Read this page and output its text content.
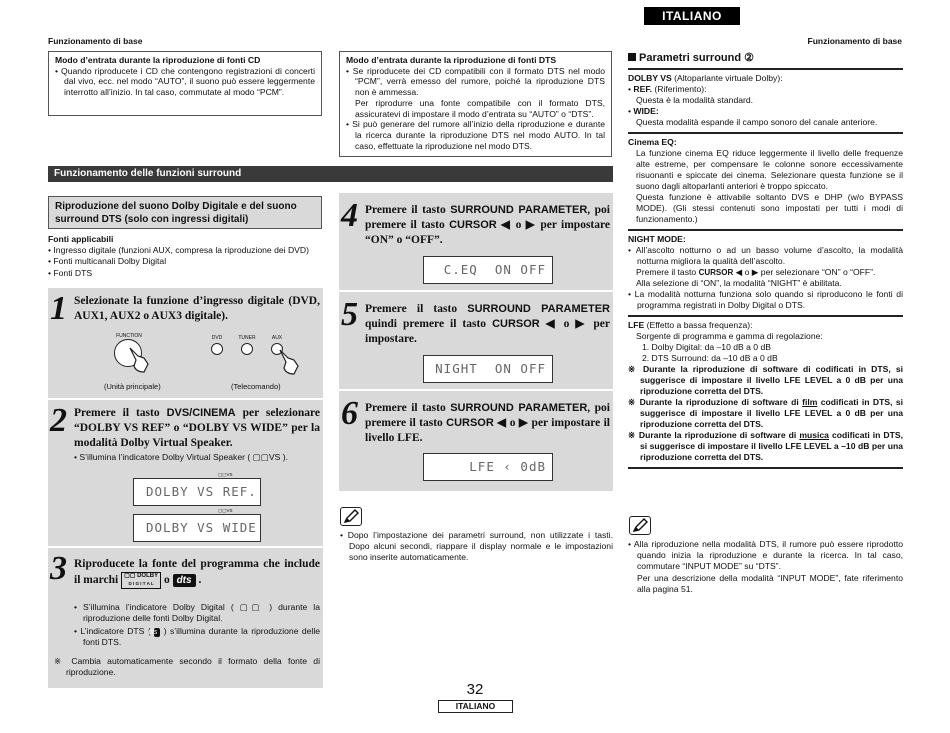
Funzionamento di base	Funzionamento di base
ITALIANO
Modo d’entrata durante la riproduzione di fonti CD

• Quando riproducete i CD che contengono registrazioni di concerti dal vivo, ecc. nel modo “AUTO”, il suono può essere leggermente interrotto all’inizio. In tal caso, commutate al modo “PCM”.

Modo d’entrata durante la riproduzione di fonti DTS

• Se riproducete dei CD compatibili con il formato DTS nel modo “PCM”, verrà emesso del rumore, poiché la riproduzione DTS non è ammessa.

Per riprodurre una fonte compatibile con il formato DTS, assicuratevi di impostare il modo d’entrata su “AUTO” o “DTS”.

• Si può generare del rumore all’inizio della riproduzione e durante la ricerca durante la riproduzione DTS nel modo AUTO. In tal caso, effettuate la riproduzione nel modo DTS.

Funzionamento delle funzioni surround
Riproduzione del suono Dolby Digitale e del suono surround DTS (solo con ingressi digitali)
Fonti applicabili
• Ingresso digitale (funzioni AUX, compresa la riproduzione dei DVD)
• Fonti multicanali Dolby Digital
• Fonti DTS
1 Selezionate la funzione d’ingresso digitale (DVD, AUX1, AUX2 o AUX3 digitale).
FUNCTION	DVD	TUNER	AUX
(Unità principale)	(Telecomando)
2 Premere il tasto DVS/CINEMA per selezionare “DOLBY VS REF” o “DOLBY VS WIDE” per la modalità Dolby Virtual Speaker.
• S’illumina l’indicatore Dolby Virtual Speaker ( ▢▢VS ).
▢▢VS
DOLBY VS REF.
▢▢VS
DOLBY VS WIDE
3 Riproducete la fonte del programma che include il marchi ▢▢ DOLBY
D I G I T A L o dts .
• S’illumina l’indicatore Dolby Digital ( ▢▢ ) durante la riproduzione delle fonti Dolby Digital.
• L’indicatore DTS ( dts ) s’illumina durante la riproduzione delle fonti DTS.
※ Cambia automaticamente secondo il formato della fonte di riproduzione.
4 Premere il tasto SURROUND PARAMETER, poi premere il tasto CURSOR ◀ o ▶ per impostare “ON” o “OFF”.
C.EQ  ON OFF
5 Premere il tasto SURROUND PARAMETER quindi premere il tasto CURSOR ◀ o ▶ per impostare.
NIGHT  ON OFF
6 Premere il tasto SURROUND PARAMETER, poi premere il tasto CURSOR ◀ o ▶ per impostare il livello LFE.
LFE ‹ 0dB
• Dopo l’impostazione dei parametri surround, non utilizzate i tasti. Dopo alcuni secondi, riappare il display normale e le impostazioni sono inserite automaticamente.
Parametri surround ②
DOLBY VS (Altoparlante virtuale Dolby):
• REF. (Riferimento):
Questa è la modalità standard.
• WIDE:
Questa modalità espande il campo sonoro del canale anteriore.
Cinema EQ:
La funzione cinema EQ riduce leggermente il livello delle frequenze alte estreme, per compensare le colonne sonore eccessivamente risuonanti e spiccate dei cinema. Selezionare questa funzione se il suono dagli altoparlanti anteriori è troppo spiccato.
Questa funzione è attivabile soltanto DVS e DHP (w/o BYPASS MODE). (Gli stessi contenuti sono impostati per tutti i modi di funzionamento.)
NIGHT MODE:
• All’ascolto notturno o ad un basso volume d’ascolto, la modalità notturna migliora la qualità dell’ascolto.
Premere il tasto CURSOR ◀ o ▶ per selezionare “ON” o “OFF”.
Alla selezione di “ON”, la modalità “NIGHT” è abilitata.
• La modalità notturna funziona solo quando si riproducono le fonti di programma registrati in Dolby Digital o DTS.
LFE (Effetto a bassa frequenza):
Sorgente di programma e gamma di regolazione:
1. Dolby Digital: da –10 dB a 0 dB
2. DTS Surround: da –10 dB a 0 dB
※ Durante la riproduzione di software di codificati in DTS, si suggerisce di impostare il livello LFE LEVEL a 0 dB per una riproduzione corretta del DTS.
※ Durante la riproduzione di software di film codificati in DTS, si suggerisce di impostare il livello LFE LEVEL a 0 dB per una riproduzione corretta del DTS.
※ Durante la riproduzione di software di musica codificati in DTS, si suggerisce di impostare il livello LFE LEVEL a –10 dB per una riproduzione corretta del DTS.
• Alla riproduzione nella modalità DTS, il rumore può essere riprodotto quando inizia la riproduzione e durante la ricerca. In tal caso, commutare “INPUT MODE” su “DTS”.
Per una descrizione della modalità “INPUT MODE”, fate riferimento alla pagina 51.
32
ITALIANO
